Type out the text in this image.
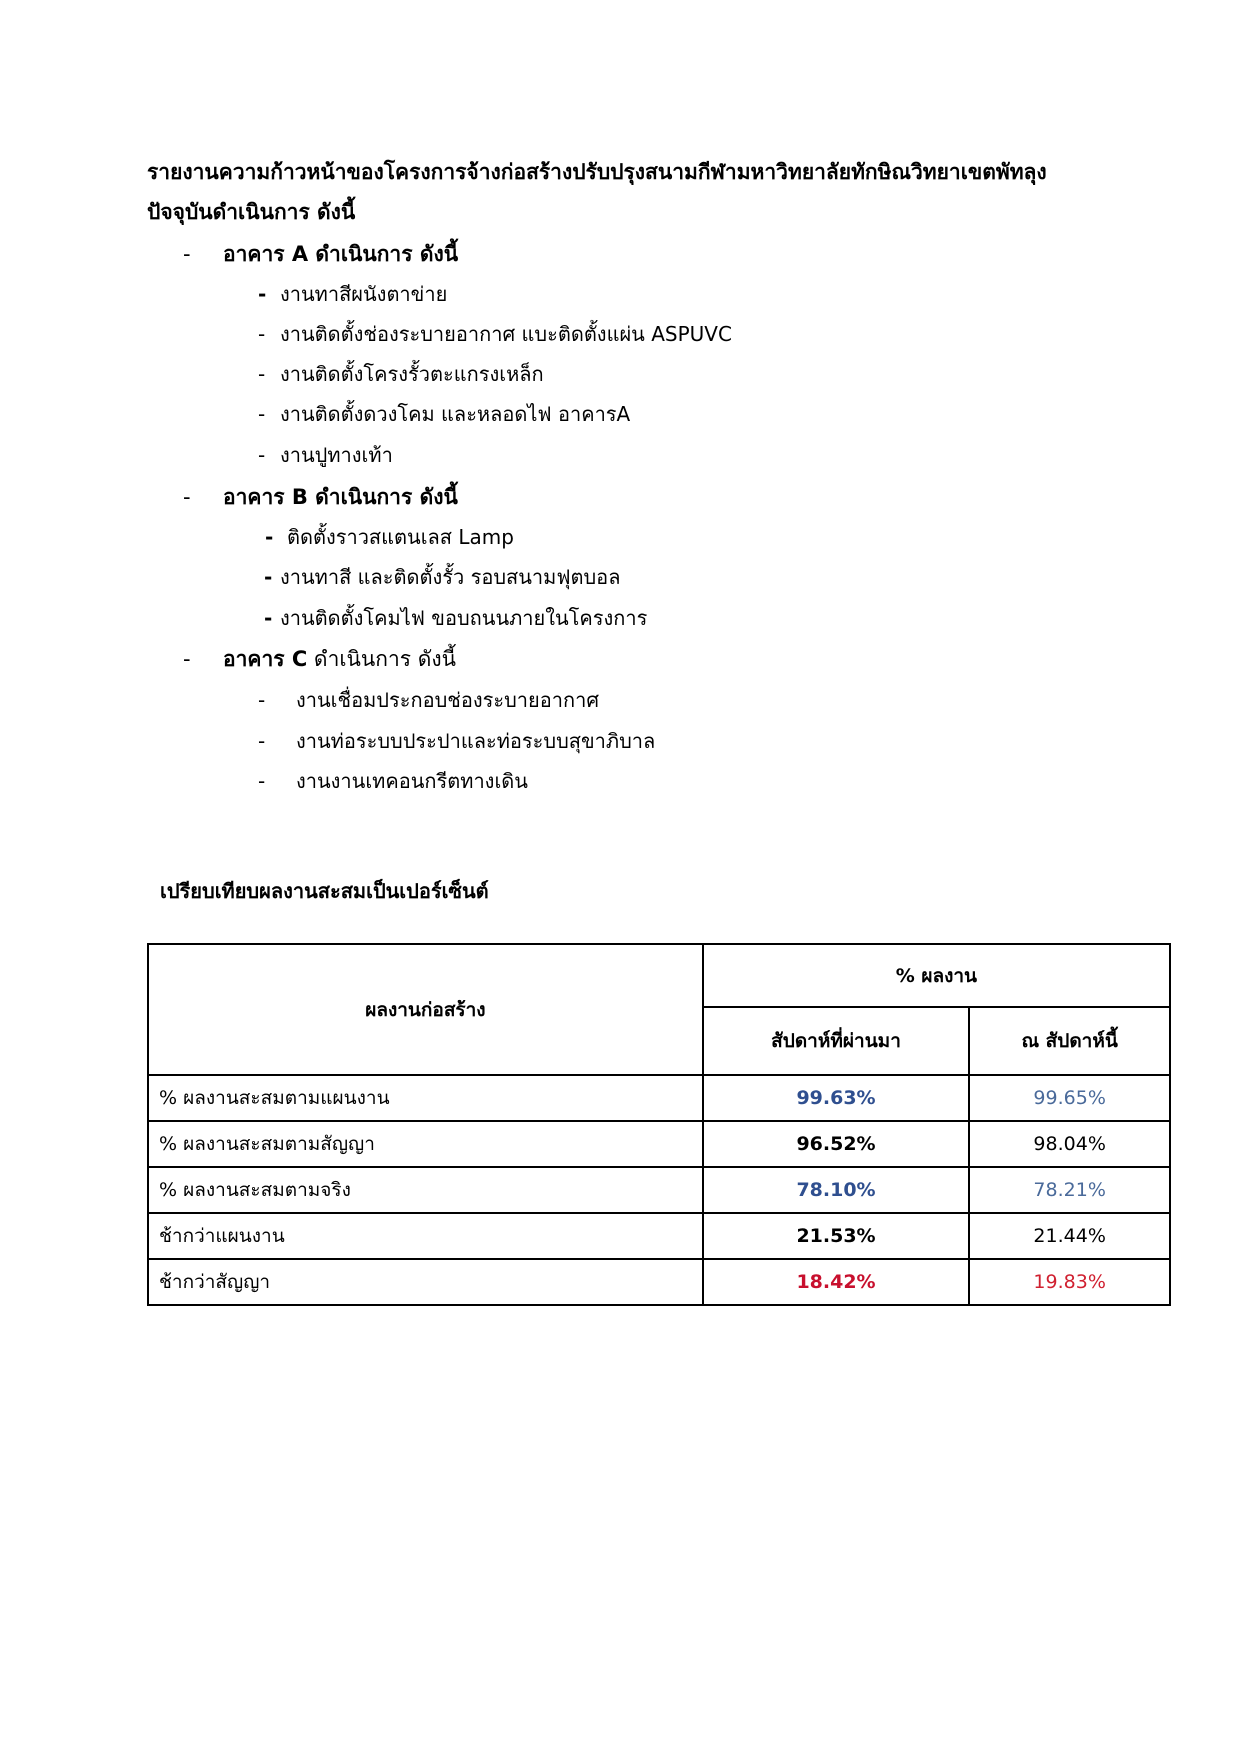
รายงานความก้าวหน้าของโครงการจ้างก่อสร้างปรับปรุงสนามกีฬามหาวิทยาลัยทักษิณวิทยาเขตพัทลุง
ปัจจุบันดำเนินการ ดังนี้
- อาคาร A ดำเนินการ ดังนี้
- งานทาสีผนังตาข่าย
- งานติดตั้งช่องระบายอากาศ แบะติดตั้งแผ่น ASPUVC
- งานติดตั้งโครงรั้วตะแกรงเหล็ก
- งานติดตั้งดวงโคม และหลอดไฟ อาคารA
- งานปูทางเท้า
- อาคาร B ดำเนินการ ดังนี้
- ติดตั้งราวสแตนเลส Lamp
- งานทาสี และติดตั้งรั้ว รอบสนามฟุตบอล
- งานติดตั้งโคมไฟ ขอบถนนภายในโครงการ
- อาคาร C ดำเนินการ ดังนี้
- งานเชื่อมประกอบช่องระบายอากาศ
- งานท่อระบบประปาและท่อระบบสุขาภิบาล
- งานงานเทคอนกรีตทางเดิน
เปรียบเทียบผลงานสะสมเป็นเปอร์เซ็นต์
ผลงานก่อสร้าง	% ผลงาน	
	สัปดาห์ที่ผ่านมา	ณ สัปดาห์นี้
% ผลงานสะสมตามแผนงาน	99.63%	99.65%
% ผลงานสะสมตามสัญญา	96.52%	98.04%
% ผลงานสะสมตามจริง	78.10%	78.21%
ช้ากว่าแผนงาน	21.53%	21.44%
ช้ากว่าสัญญา	18.42%	19.83%
